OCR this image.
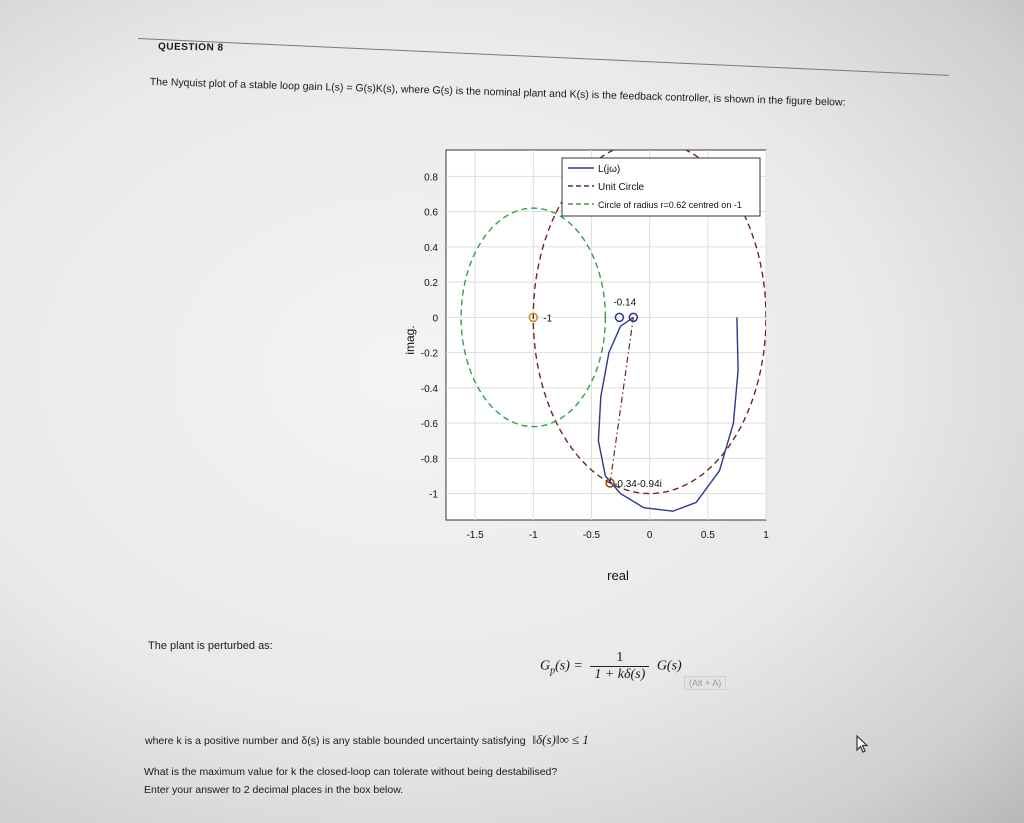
QUESTION 8
The Nyquist plot of a stable loop gain L(s) = G(s)K(s), where G(s) is the nominal plant and K(s) is the feedback controller, is shown in the figure below:
-1.5	-1	-0.5	0	0.5	1
0.8
0.6
0.4
0.2
0
-0.2
-0.4
-0.6
-0.8
-1
-1
-0.14
-0.34-0.94i
L(jω)
Unit Circle
Circle of radius r=0.62 centred on -1
real
imag.
The plant is perturbed as:
$G_p(s) = \frac{1}{1 + k\delta(s)} G(s)$
(Alt + A)
where k is a positive number and δ(s) is any stable bounded uncertainty satisfying ‖δ(s)‖∞ ≤ 1
What is the maximum value for k the closed-loop can tolerate without being destabilised?
Enter your answer to 2 decimal places in the box below.
